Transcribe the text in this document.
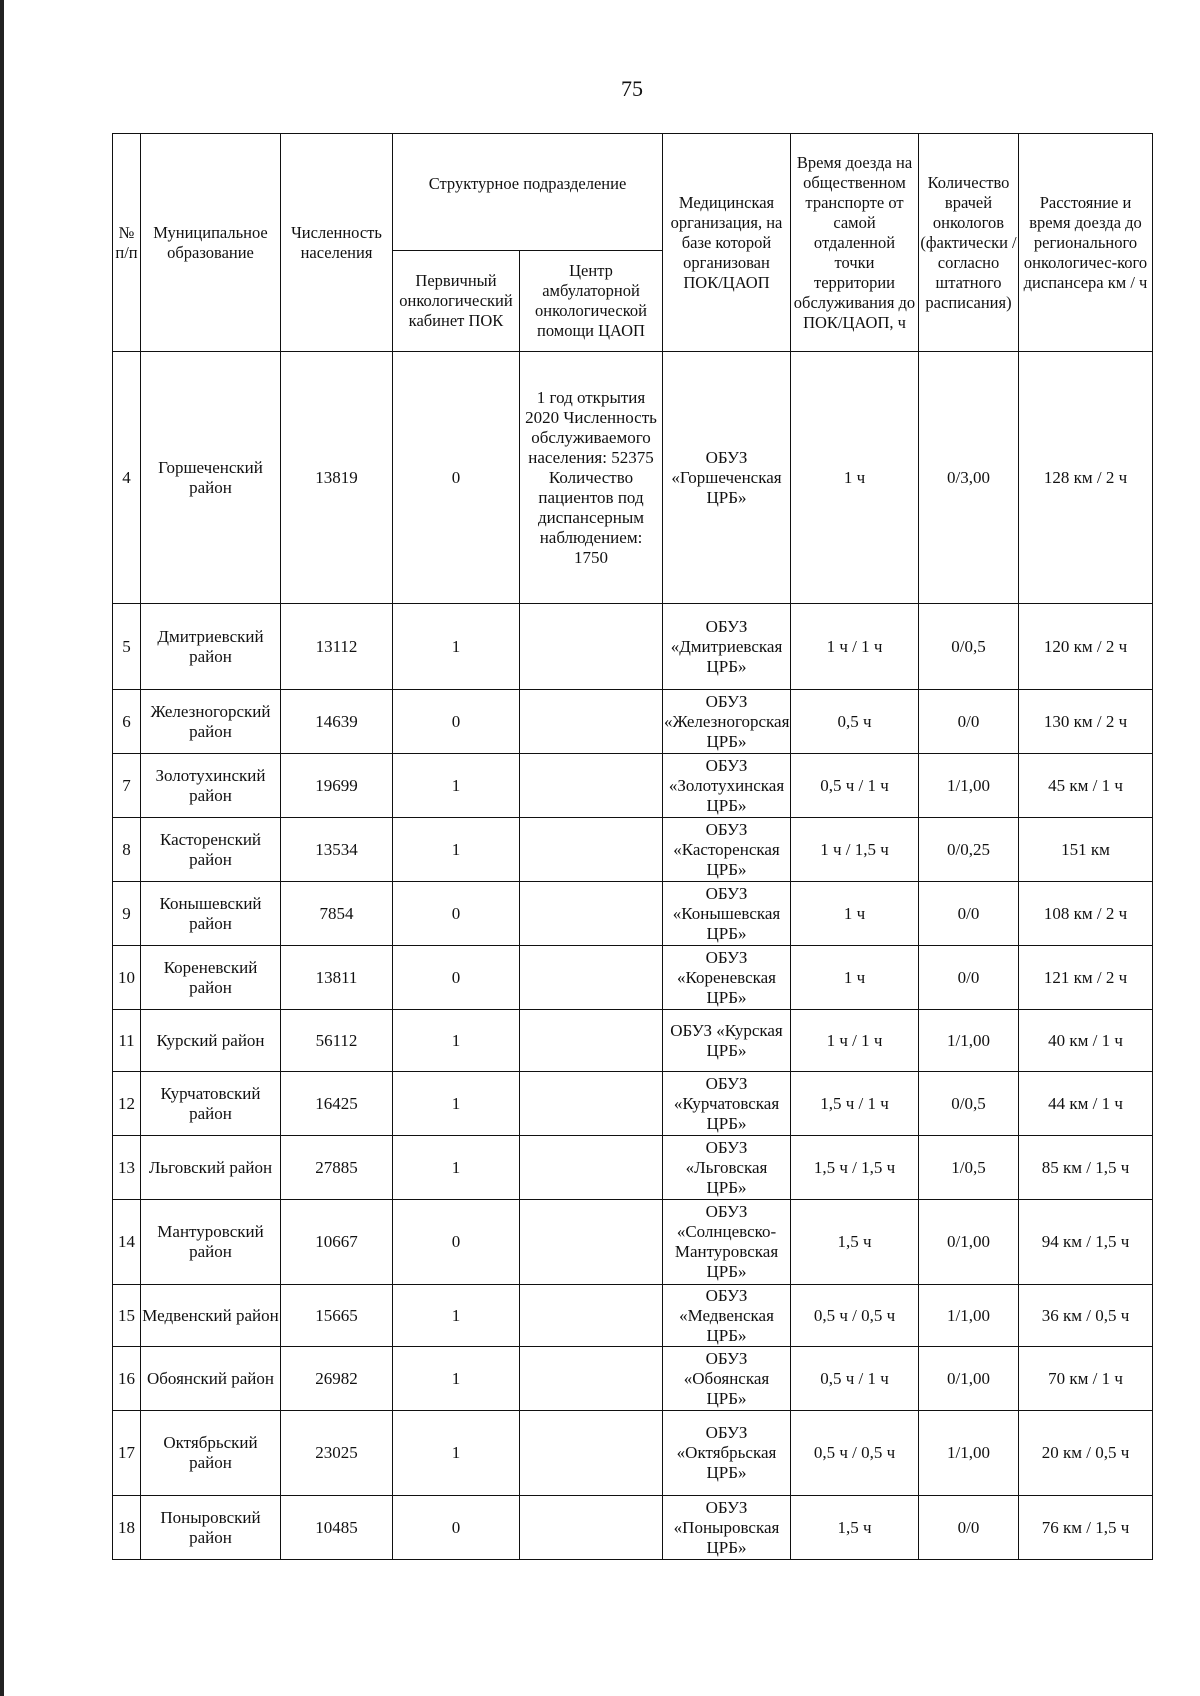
75
№ п/п	Муниципальное образование	Численность населения	Структурное подразделение		Медицинская организация, на базе которой организован ПОК/ЦАОП	Время доезда на общественном транспорте от самой отдаленной точки территории обслуживания до ПОК/ЦАОП, ч	Количество врачей онкологов (фактически / согласно штатного расписания)	Расстояние и время доезда до регионального онкологичес-кого диспансера км / ч
			Первичный онкологический кабинет ПОК	Центр амбулаторной онкологической помощи ЦАОП				
4	Горшеченский район	13819	0	1 год открытия 2020 Численность обслуживаемого населения: 52375 Количество пациентов под диспансерным наблюдением: 1750	ОБУЗ «Горшеченская ЦРБ»	1 ч	0/3,00	128 км / 2 ч
5	Дмитриевский район	13112	1		ОБУЗ «Дмитриевская ЦРБ»	1 ч / 1 ч	0/0,5	120 км / 2 ч
6	Железногорский район	14639	0		ОБУЗ «Железногорская ЦРБ»	0,5 ч	0/0	130 км / 2 ч
7	Золотухинский район	19699	1		ОБУЗ «Золотухинская ЦРБ»	0,5 ч / 1 ч	1/1,00	45 км / 1 ч
8	Касторенский район	13534	1		ОБУЗ «Касторенская ЦРБ»	1 ч / 1,5 ч	0/0,25	151 км
9	Конышевский район	7854	0		ОБУЗ «Конышевская ЦРБ»	1 ч	0/0	108 км / 2 ч
10	Кореневский район	13811	0		ОБУЗ «Кореневская ЦРБ»	1 ч	0/0	121 км / 2 ч
11	Курский район	56112	1		ОБУЗ «Курская ЦРБ»	1 ч / 1 ч	1/1,00	40 км / 1 ч
12	Курчатовский район	16425	1		ОБУЗ «Курчатовская ЦРБ»	1,5 ч / 1 ч	0/0,5	44 км / 1 ч
13	Льговский район	27885	1		ОБУЗ «Льговская ЦРБ»	1,5 ч / 1,5 ч	1/0,5	85 км / 1,5 ч
14	Мантуровский район	10667	0		ОБУЗ «Солнцевско-Мантуровская ЦРБ»	1,5 ч	0/1,00	94 км / 1,5 ч
15	Медвенский район	15665	1		ОБУЗ «Медвенская ЦРБ»	0,5 ч / 0,5 ч	1/1,00	36 км / 0,5 ч
16	Обоянский район	26982	1		ОБУЗ «Обоянская ЦРБ»	0,5 ч / 1 ч	0/1,00	70 км / 1 ч
17	Октябрьский район	23025	1		ОБУЗ «Октябрьская ЦРБ»	0,5 ч / 0,5 ч	1/1,00	20 км / 0,5 ч
18	Поныровский район	10485	0		ОБУЗ «Поныровская ЦРБ»	1,5 ч	0/0	76 км / 1,5 ч
